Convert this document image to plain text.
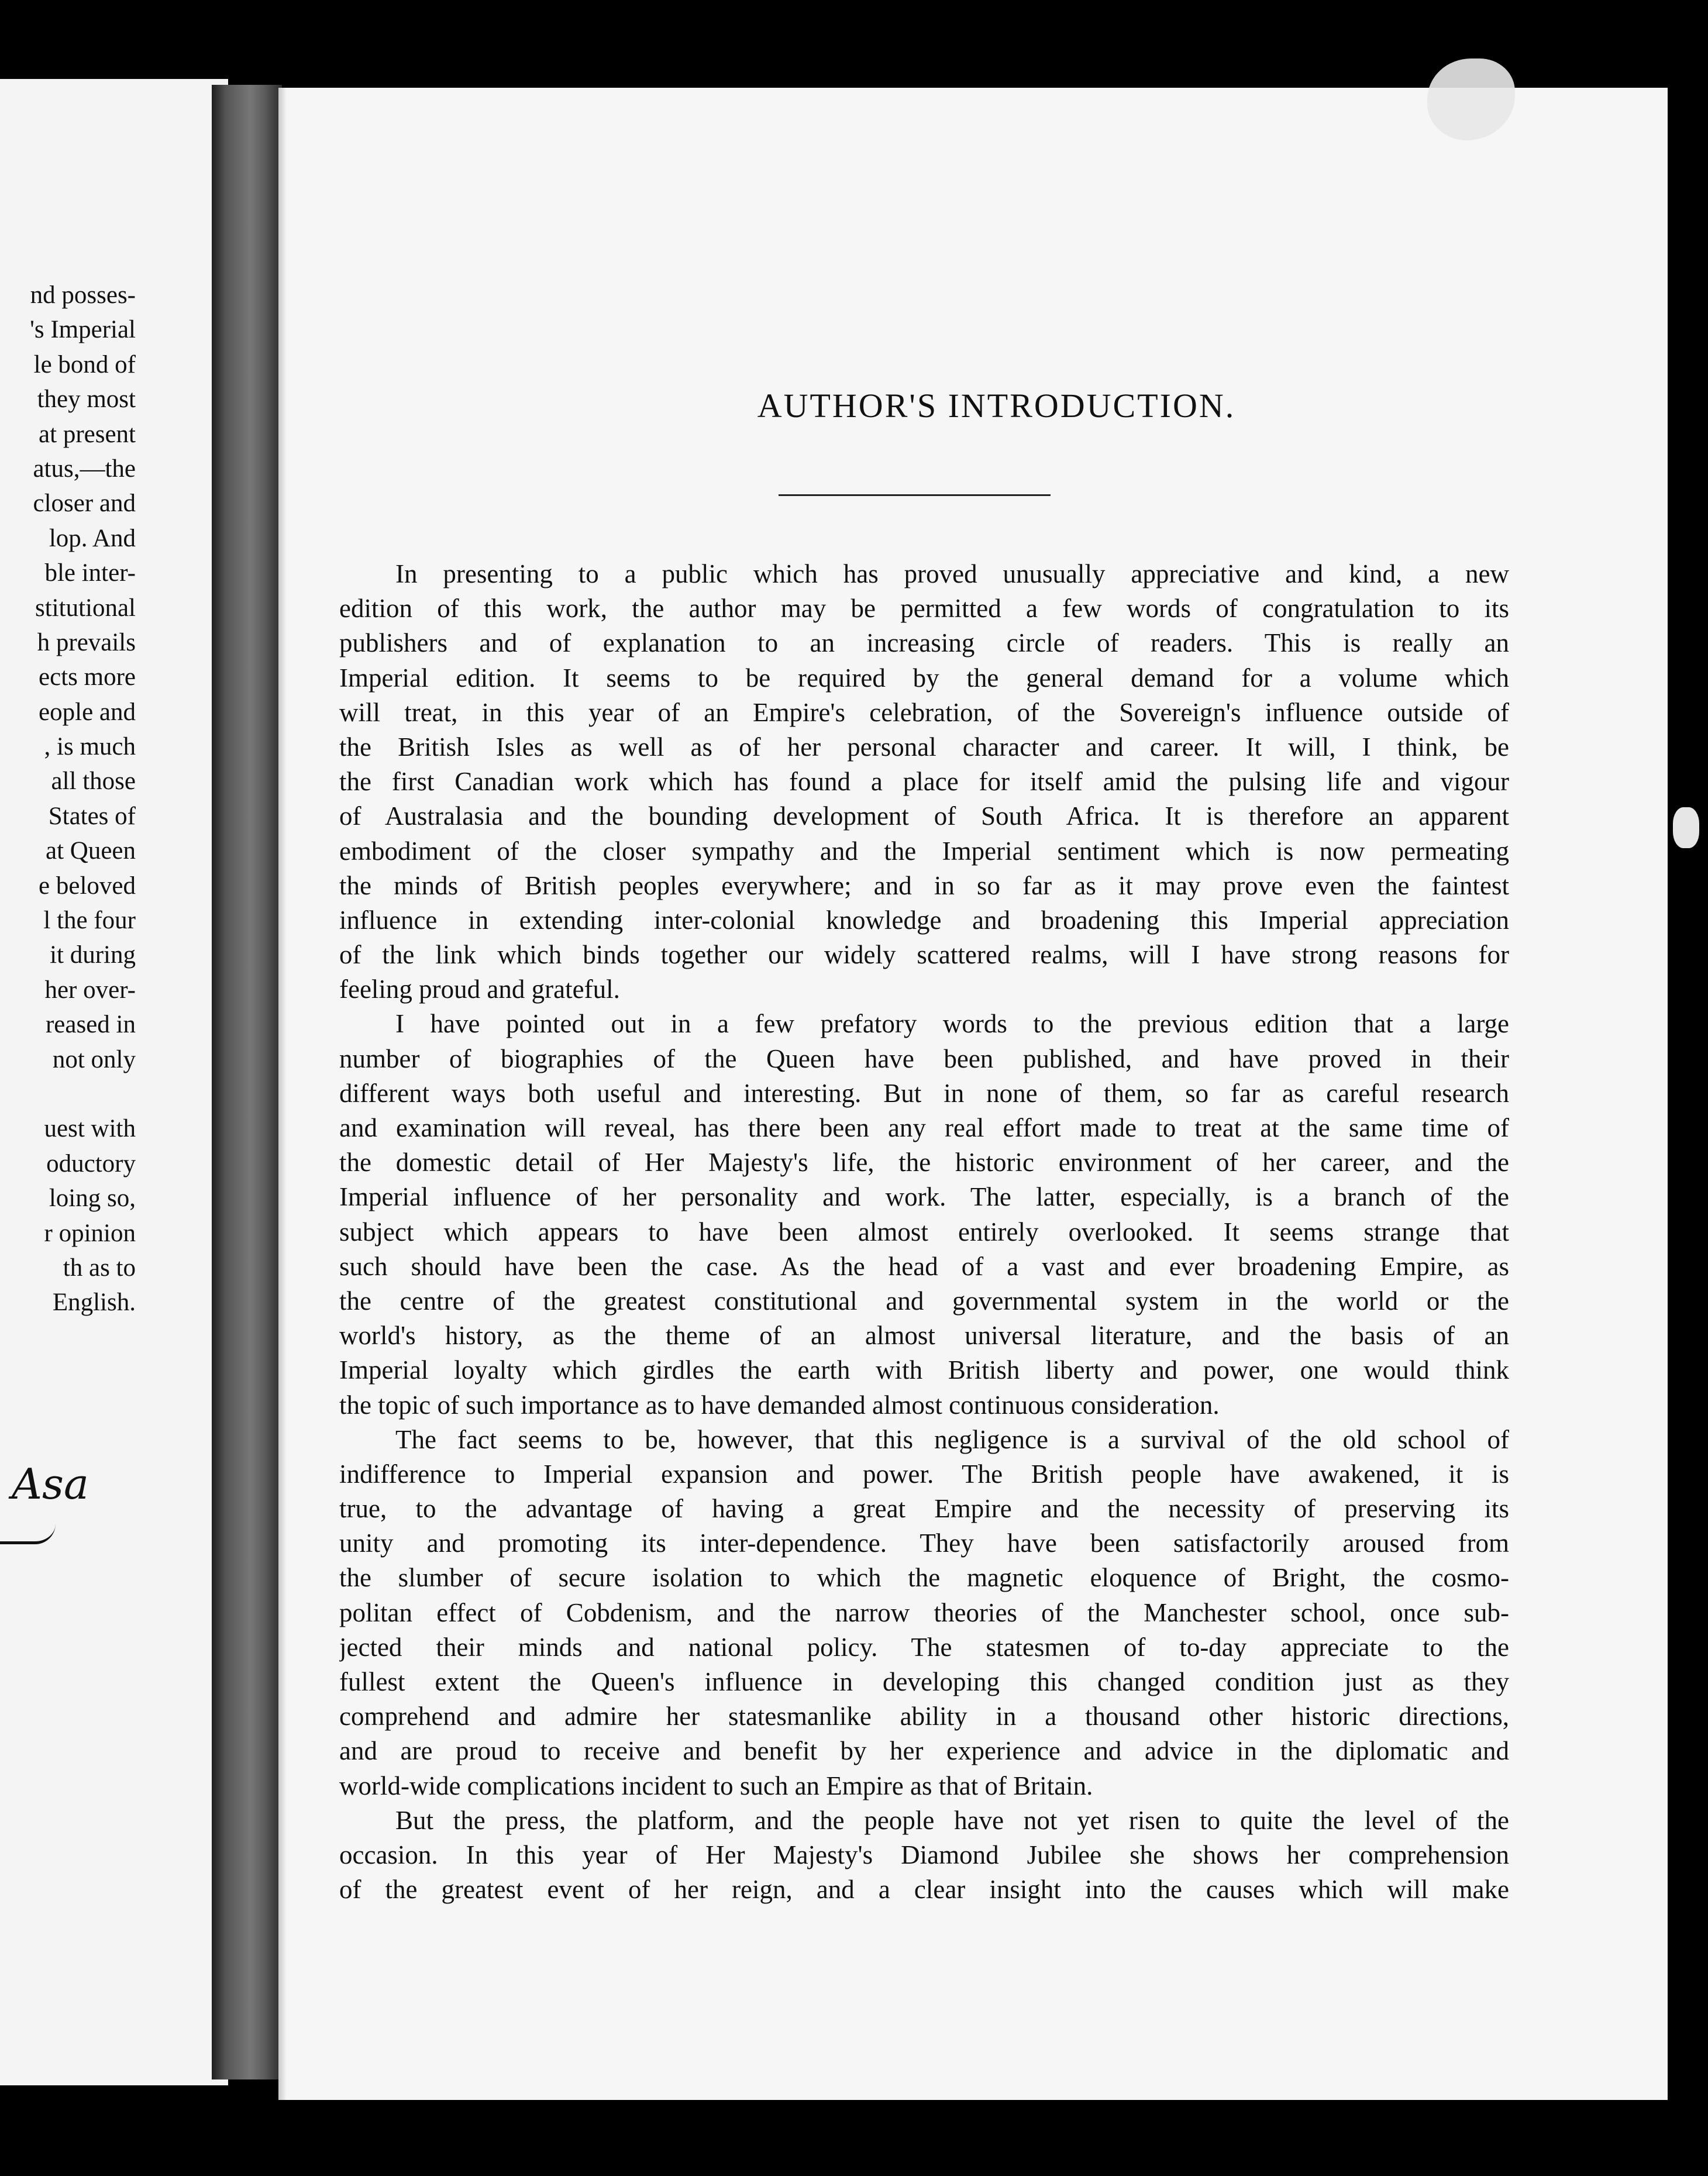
nd posses-
's Imperial
le bond of
they most
at present
atus,—the
closer and
lop. And
ble inter-
stitutional
h prevails
ects more
eople and
, is much
all those
States of
at Queen
e beloved
l the four
it during
her over-
reased in
not only
uest with
oductory
loing so,
r opinion
th as to
English.
Asa
AUTHOR'S INTRODUCTION.
In presenting to a public which has proved unusually appreciative and kind, a new
edition of this work, the author may be permitted a few words of congratulation to its
publishers and of explanation to an increasing circle of readers. This is really an
Imperial edition. It seems to be required by the general demand for a volume which
will treat, in this year of an Empire's celebration, of the Sovereign's influence outside of
the British Isles as well as of her personal character and career. It will, I think, be
the first Canadian work which has found a place for itself amid the pulsing life and vigour
of Australasia and the bounding development of South Africa. It is therefore an apparent
embodiment of the closer sympathy and the Imperial sentiment which is now permeating
the minds of British peoples everywhere; and in so far as it may prove even the faintest
influence in extending inter-colonial knowledge and broadening this Imperial appreciation
of the link which binds together our widely scattered realms, will I have strong reasons for
feeling proud and grateful.
I have pointed out in a few prefatory words to the previous edition that a large
number of biographies of the Queen have been published, and have proved in their
different ways both useful and interesting. But in none of them, so far as careful research
and examination will reveal, has there been any real effort made to treat at the same time of
the domestic detail of Her Majesty's life, the historic environment of her career, and the
Imperial influence of her personality and work. The latter, especially, is a branch of the
subject which appears to have been almost entirely overlooked. It seems strange that
such should have been the case. As the head of a vast and ever broadening Empire, as
the centre of the greatest constitutional and governmental system in the world or the
world's history, as the theme of an almost universal literature, and the basis of an
Imperial loyalty which girdles the earth with British liberty and power, one would think
the topic of such importance as to have demanded almost continuous consideration.
The fact seems to be, however, that this negligence is a survival of the old school of
indifference to Imperial expansion and power. The British people have awakened, it is
true, to the advantage of having a great Empire and the necessity of preserving its
unity and promoting its inter-dependence. They have been satisfactorily aroused from
the slumber of secure isolation to which the magnetic eloquence of Bright, the cosmo-
politan effect of Cobdenism, and the narrow theories of the Manchester school, once sub-
jected their minds and national policy. The statesmen of to-day appreciate to the
fullest extent the Queen's influence in developing this changed condition just as they
comprehend and admire her statesmanlike ability in a thousand other historic directions,
and are proud to receive and benefit by her experience and advice in the diplomatic and
world-wide complications incident to such an Empire as that of Britain.
But the press, the platform, and the people have not yet risen to quite the level of the
occasion. In this year of Her Majesty's Diamond Jubilee she shows her comprehension
of the greatest event of her reign, and a clear insight into the causes which will make
